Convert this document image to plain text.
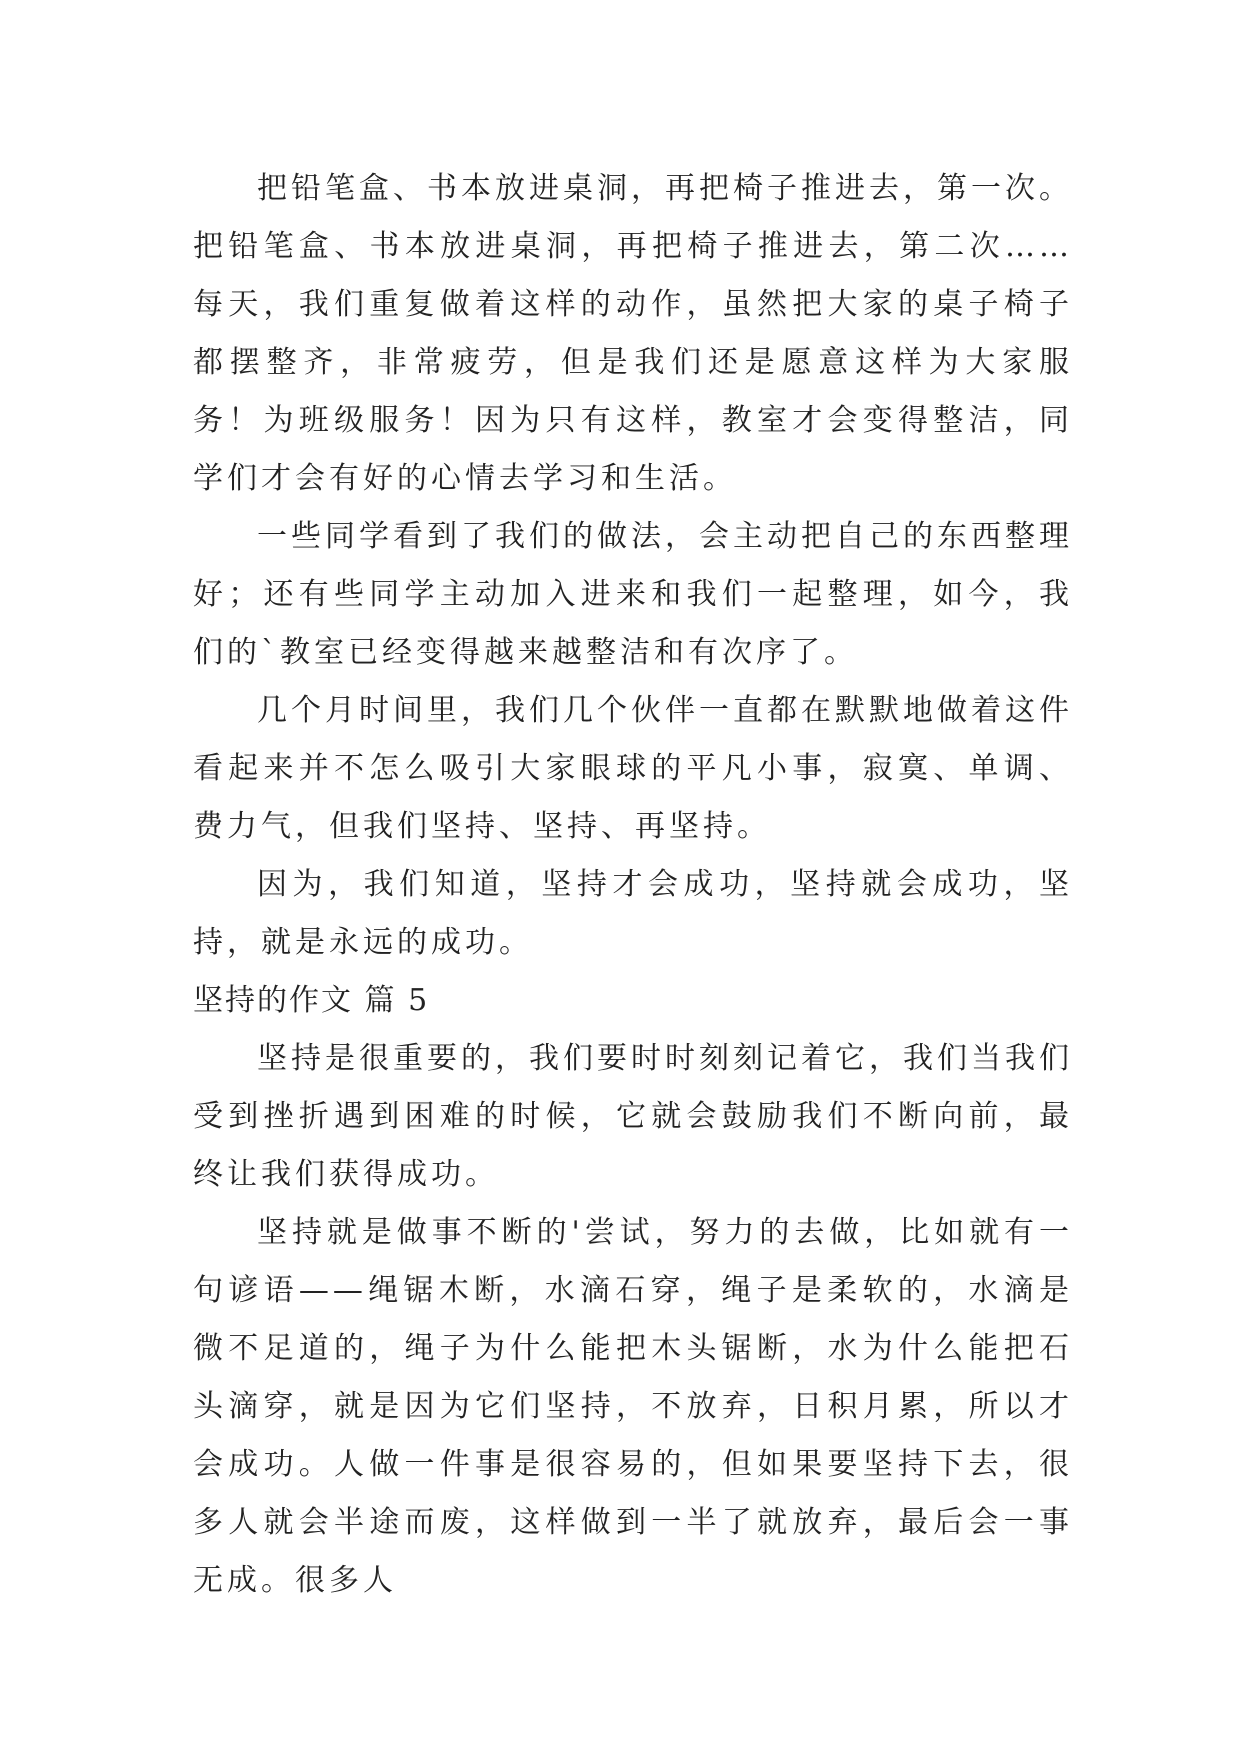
把铅笔盒、书本放进桌洞，再把椅子推进去，第一次。把铅笔盒、书本放进桌洞，再把椅子推进去，第二次……每天，我们重复做着这样的动作，虽然把大家的桌子椅子都摆整齐，非常疲劳，但是我们还是愿意这样为大家服务！为班级服务！因为只有这样，教室才会变得整洁，同学们才会有好的心情去学习和生活。

一些同学看到了我们的做法，会主动把自己的东西整理好；还有些同学主动加入进来和我们一起整理，如今，我们的`教室已经变得越来越整洁和有次序了。

几个月时间里，我们几个伙伴一直都在默默地做着这件看起来并不怎么吸引大家眼球的平凡小事，寂寞、单调、费力气，但我们坚持、坚持、再坚持。

因为，我们知道，坚持才会成功，坚持就会成功，坚持，就是永远的成功。

坚持的作文 篇 5

坚持是很重要的，我们要时时刻刻记着它，我们当我们受到挫折遇到困难的时候，它就会鼓励我们不断向前，最终让我们获得成功。

坚持就是做事不断的'尝试，努力的去做，比如就有一句谚语——绳锯木断，水滴石穿，绳子是柔软的，水滴是微不足道的，绳子为什么能把木头锯断，水为什么能把石头滴穿，就是因为它们坚持，不放弃，日积月累，所以才会成功。人做一件事是很容易的，但如果要坚持下去，很多人就会半途而废，这样做到一半了就放弃，最后会一事无成。很多人
